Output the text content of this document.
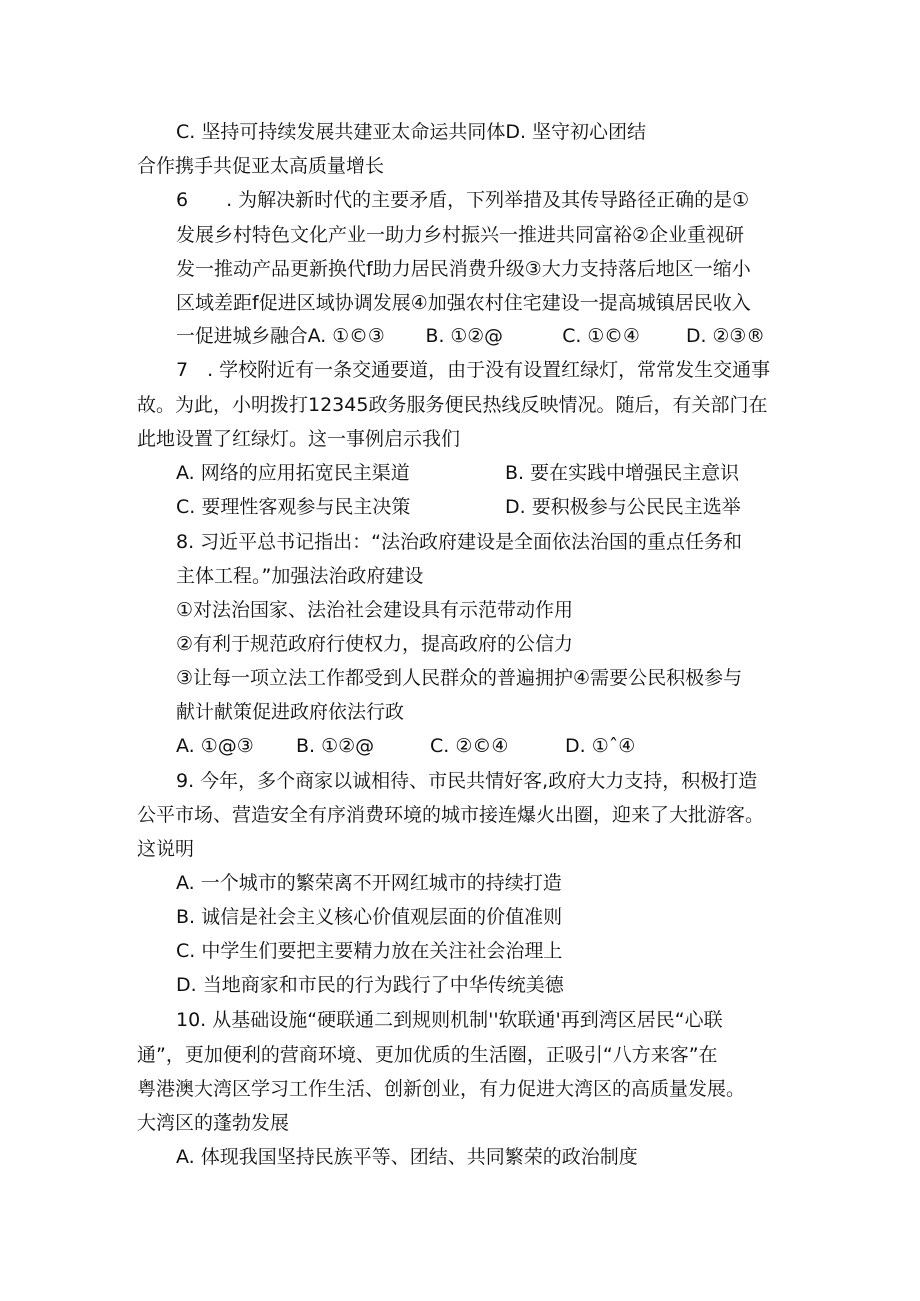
C. 坚持可持续发展共建亚太命运共同体D. 坚守初心团结
合作携手共促亚太高质量增长
6　　. 为解决新时代的主要矛盾，下列举措及其传导路径正确的是①
发展乡村特色文化产业一助力乡村振兴一推进共同富裕②企业重视研
发一推动产品更新换代f助力居民消费升级③大力支持落后地区一缩小
区域差距f促进区域协调发展④加强农村住宅建设一提高城镇居民收入
一促进城乡融合A. ①©③ B. ①②@	C. ①©④ D. ②③®
7　. 学校附近有一条交通要道，由于没有设置红绿灯，常常发生交通事
故。为此，小明拨打12345政务服务便民热线反映情况。随后，有关部门在
此地设置了红绿灯。这一事例启示我们
A. 网络的应用拓宽民主渠道	B. 要在实践中增强民主意识
C. 要理性客观参与民主决策	D. 要积极参与公民民主选举
8. 习近平总书记指出：“法治政府建设是全面依法治国的重点任务和
主体工程。”加强法治政府建设
①对法治国家、法治社会建设具有示范带动作用
②有利于规范政府行使权力，提高政府的公信力
③让每一项立法工作都受到人民群众的普遍拥护④需要公民积极参与
献计献策促进政府依法行政
A. ①@③ B. ①②@	C. ②©④	D. ①ˆ④
9. 今年，多个商家以诚相待、市民共情好客,政府大力支持，积极打造
公平市场、营造安全有序消费环境的城市接连爆火出圈，迎来了大批游客。
这说明
A. 一个城市的繁荣离不开网红城市的持续打造
B. 诚信是社会主义核心价值观层面的价值准则
C. 中学生们要把主要精力放在关注社会治理上
D. 当地商家和市民的行为践行了中华传统美德
10. 从基础设施“硬联通二到规则机制''软联通'再到湾区居民“心联
通”，更加便利的营商环境、更加优质的生活圈，正吸引“八方来客”在
粤港澳大湾区学习工作生活、创新创业，有力促进大湾区的高质量发展。
大湾区的蓬勃发展
A. 体现我国坚持民族平等、团结、共同繁荣的政治制度
